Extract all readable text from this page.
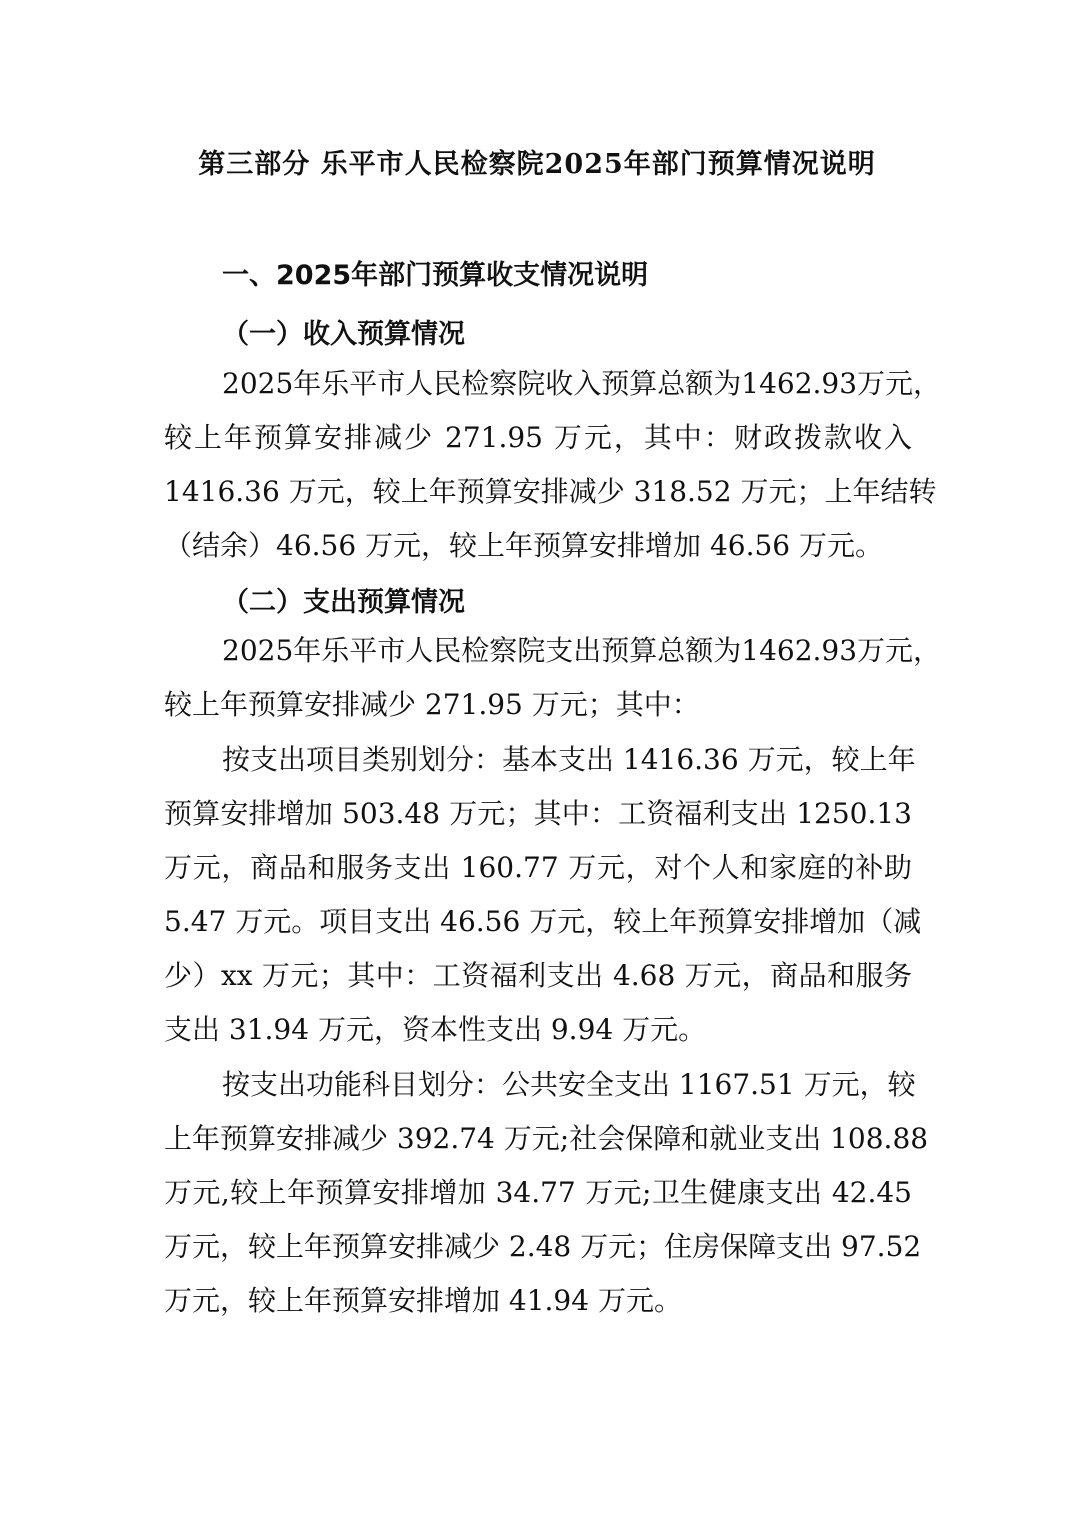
第三部分 乐平市人民检察院2025年部门预算情况说明
一、2025年部门预算收支情况说明
（一）收入预算情况
2025年乐平市人民检察院收入预算总额为1462.93万元，
较上年预算安排减少 271.95 万元，其中：财政拨款收入
1416.36 万元，较上年预算安排减少 318.52 万元；上年结转
（结余）46.56 万元，较上年预算安排增加 46.56 万元。
（二）支出预算情况
2025年乐平市人民检察院支出预算总额为1462.93万元，
较上年预算安排减少 271.95 万元；其中：
按支出项目类别划分：基本支出 1416.36 万元，较上年
预算安排增加 503.48 万元；其中：工资福利支出 1250.13
万元，商品和服务支出 160.77 万元，对个人和家庭的补助
5.47 万元。项目支出 46.56 万元，较上年预算安排增加（减
少）xx 万元；其中：工资福利支出 4.68 万元，商品和服务
支出 31.94 万元，资本性支出 9.94 万元。
按支出功能科目划分：公共安全支出 1167.51 万元，较
上年预算安排减少 392.74 万元;社会保障和就业支出 108.88
万元,较上年预算安排增加 34.77 万元;卫生健康支出 42.45
万元，较上年预算安排减少 2.48 万元；住房保障支出 97.52
万元，较上年预算安排增加 41.94 万元。
